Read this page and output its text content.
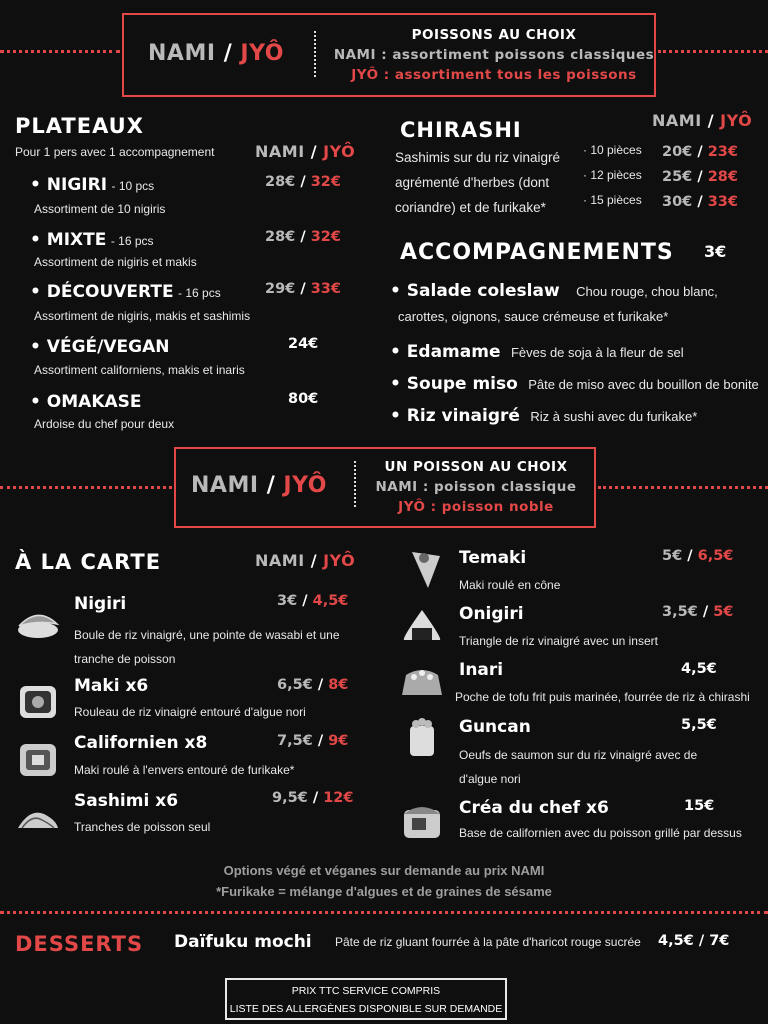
NAMI / JYÔ
POISSONS AU CHOIX
NAMI : assortiment poissons classiques
JYÔ : assortiment tous les poissons
PLATEAUX
Pour 1 pers avec 1 accompagnement	NAMI / JYÔ
• NIGIRI - 10 pcs
Assortiment de 10 nigiris
28€ / 32€
• MIXTE - 16 pcs
Assortiment de nigiris et makis
28€ / 32€
• DÉCOUVERTE - 16 pcs
Assortiment de nigiris, makis et sashimis
29€ / 33€
• VÉGÉ/VEGAN
Assortiment californiens, makis et inaris
24€
• OMAKASE
Ardoise du chef pour deux
80€
CHIRASHI	NAMI / JYÔ
Sashimis sur du riz vinaigré
agrémenté d'herbes (dont
coriandre) et de furikake*
· 10 pièces 20€ / 23€
· 12 pièces 25€ / 28€
· 15 pièces 30€ / 33€
ACCOMPAGNEMENTS 3€
• Salade coleslaw Chou rouge, chou blanc,
carottes, oignons, sauce crémeuse et furikake*
• Edamame Fèves de soja à la fleur de sel
• Soupe miso Pâte de miso avec du bouillon de bonite
• Riz vinaigré Riz à sushi avec du furikake*
NAMI / JYÔ
UN POISSON AU CHOIX
NAMI : poisson classique
JYÔ : poisson noble
À LA CARTE	NAMI / JYÔ
Nigiri	3€ / 4,5€
Boule de riz vinaigré, une pointe de wasabi et une
tranche de poisson
Maki x6	6,5€ / 8€
Rouleau de riz vinaigré entouré d'algue nori
Californien x8	7,5€ / 9€
Maki roulé à l'envers entouré de furikake*
Sashimi x6	9,5€ / 12€
Tranches de poisson seul
Temaki	5€ / 6,5€
Maki roulé en cône
Onigiri	3,5€ / 5€
Triangle de riz vinaigré avec un insert
Inari	4,5€
Poche de tofu frit puis marinée, fourrée de riz à chirashi
Guncan	5,5€
Oeufs de saumon sur du riz vinaigré avec de
d'algue nori
Créa du chef x6	15€
Base de californien avec du poisson grillé par dessus
Options végé et véganes sur demande au prix NAMI
*Furikake = mélange d'algues et de graines de sésame
DESSERTS Daïfuku mochi Pâte de riz gluant fourrée à la pâte d'haricot rouge sucrée 4,5€ / 7€
PRIX TTC SERVICE COMPRIS
LISTE DES ALLERGÈNES DISPONIBLE SUR DEMANDE
